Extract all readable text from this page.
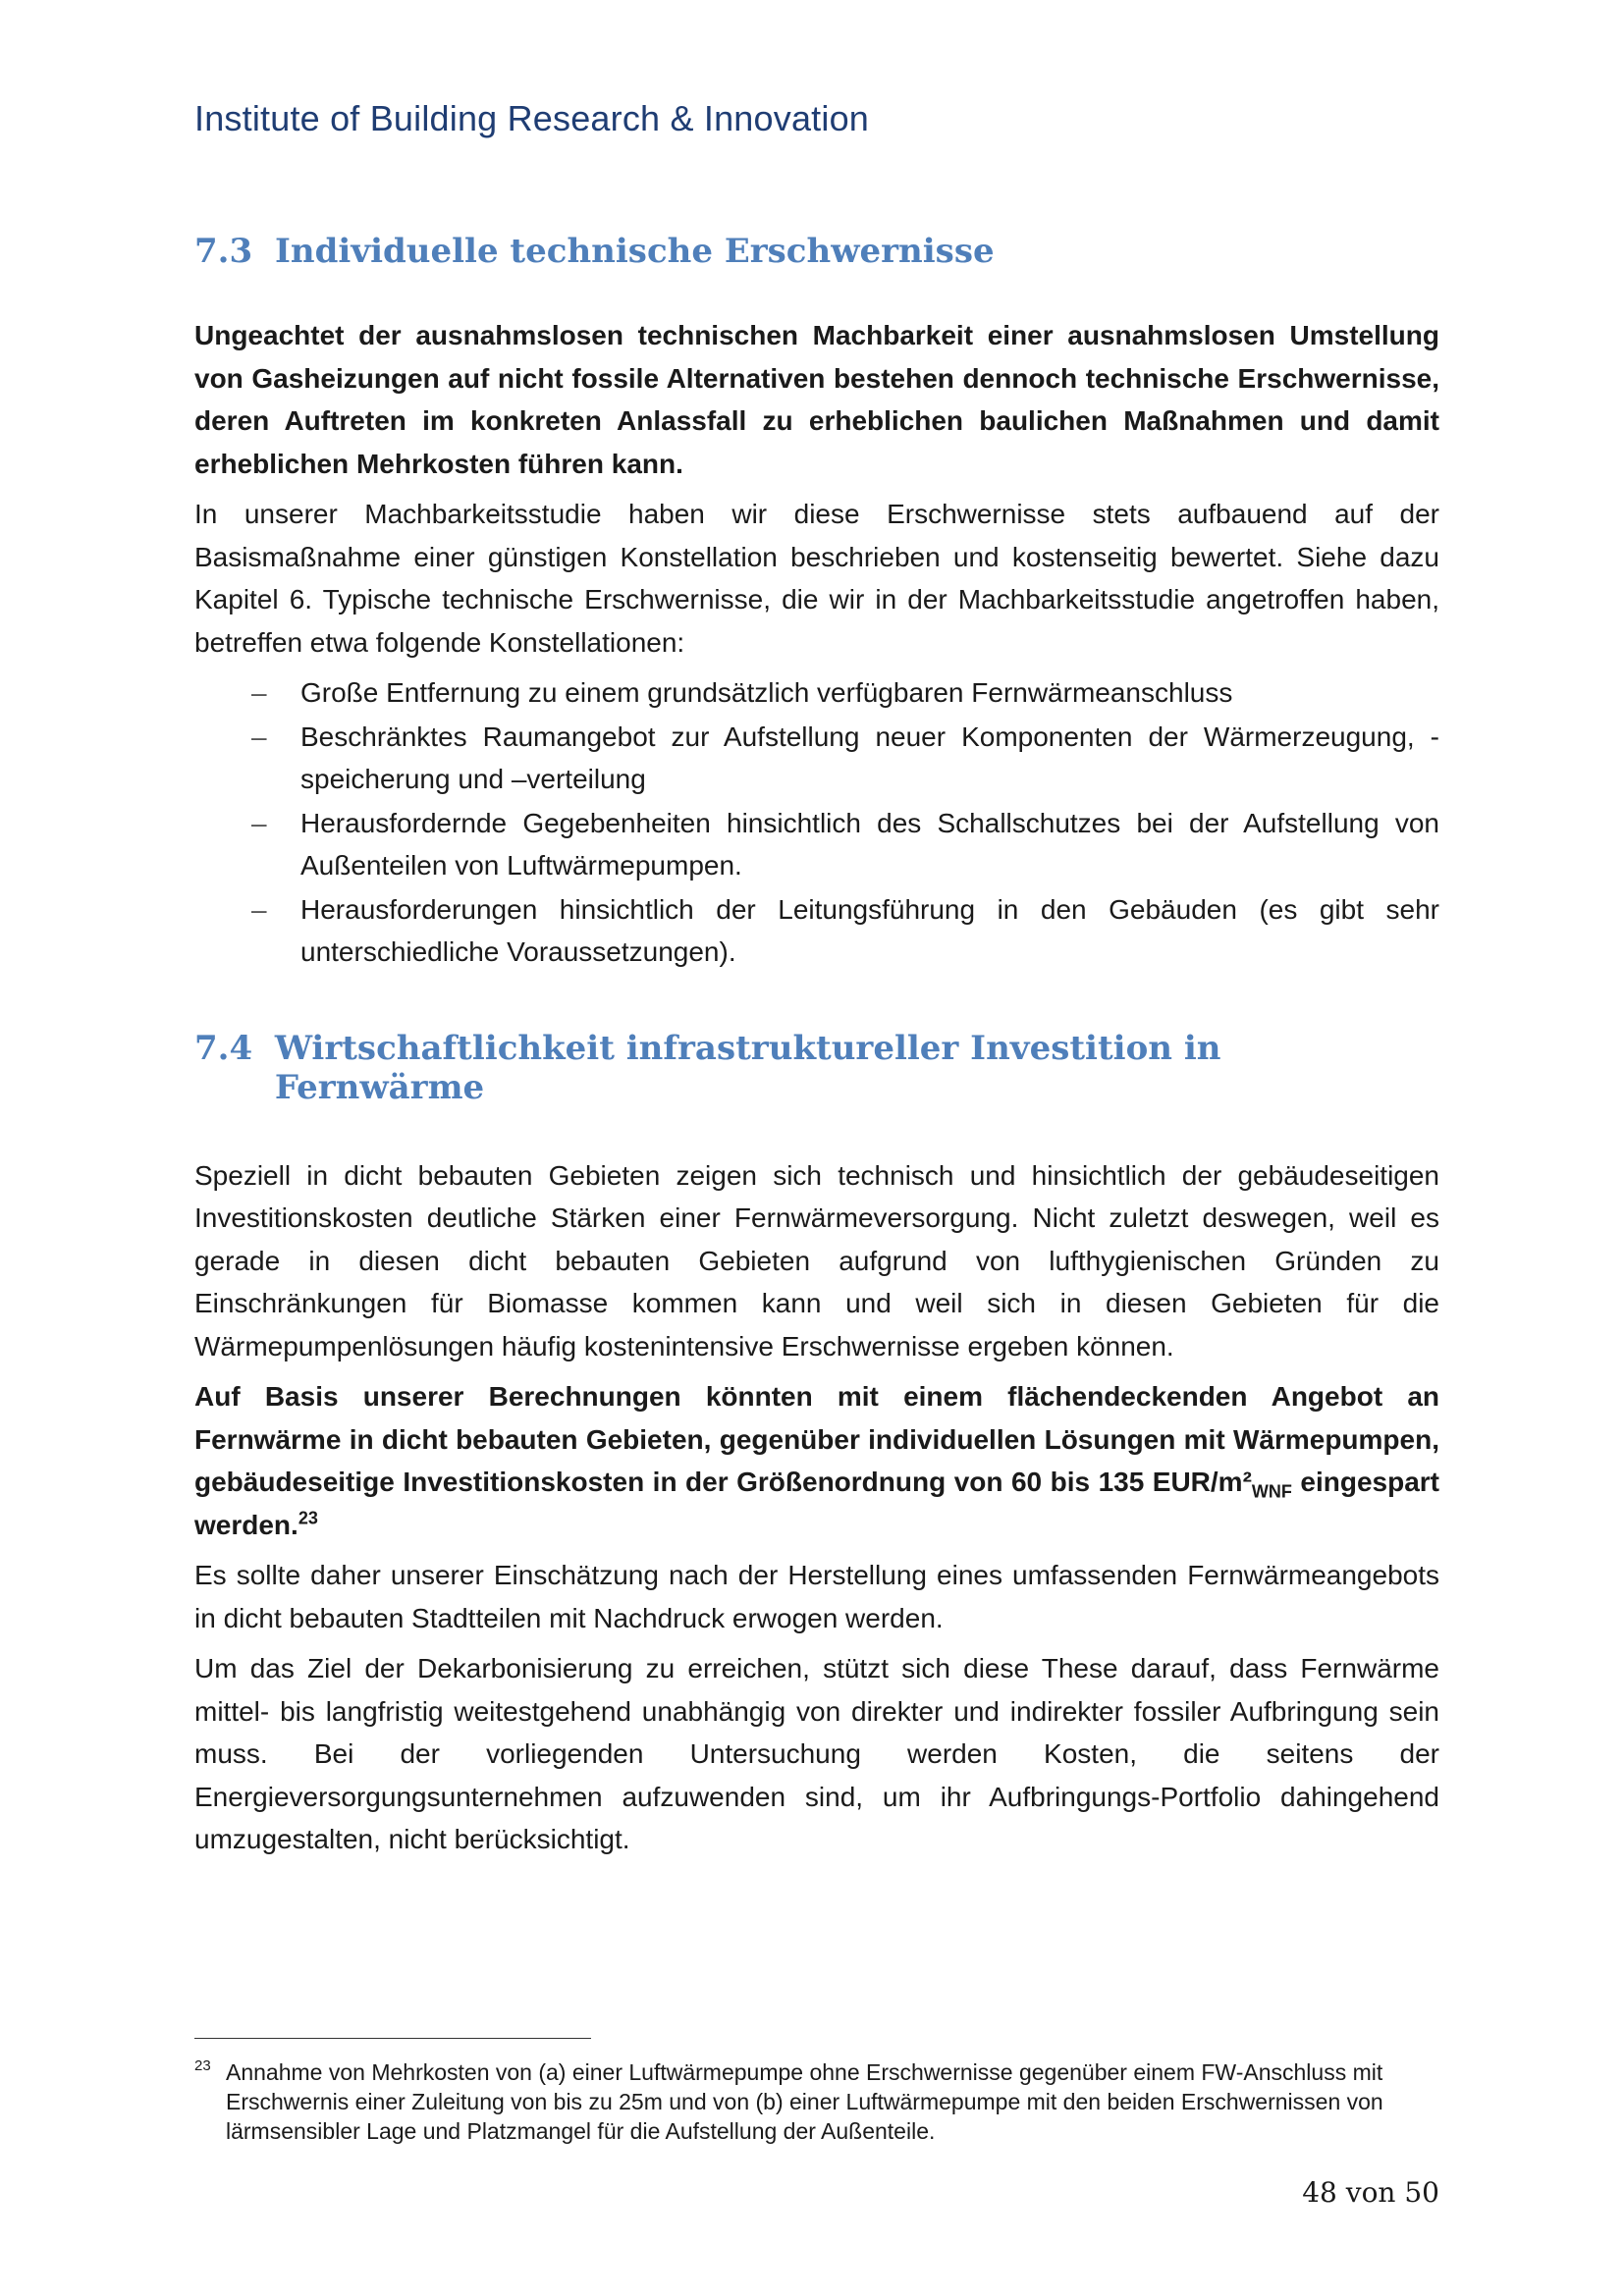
Institute of Building Research & Innovation
7.3 Individuelle technische Erschwernisse

Ungeachtet der ausnahmslosen technischen Machbarkeit einer ausnahmslosen Umstellung von Gasheizungen auf nicht fossile Alternativen bestehen dennoch technische Erschwernisse, deren Auftreten im konkreten Anlassfall zu erheblichen baulichen Maßnahmen und damit erheblichen Mehrkosten führen kann.

In unserer Machbarkeitsstudie haben wir diese Erschwernisse stets aufbauend auf der Basismaßnahme einer günstigen Konstellation beschrieben und kostenseitig bewertet. Siehe dazu Kapitel 6. Typische technische Erschwernisse, die wir in der Machbarkeitsstudie angetroffen haben, betreffen etwa folgende Konstellationen:

– Große Entfernung zu einem grundsätzlich verfügbaren Fernwärmeanschluss
– Beschränktes Raumangebot zur Aufstellung neuer Komponenten der Wärmerzeugung, -speicherung und –verteilung
– Herausfordernde Gegebenheiten hinsichtlich des Schallschutzes bei der Aufstellung von Außenteilen von Luftwärmepumpen.
– Herausforderungen hinsichtlich der Leitungsführung in den Gebäuden (es gibt sehr unterschiedliche Voraussetzungen).
7.4 Wirtschaftlichkeit infrastruktureller Investition in Fernwärme

Speziell in dicht bebauten Gebieten zeigen sich technisch und hinsichtlich der gebäudeseitigen Investitionskosten deutliche Stärken einer Fernwärmeversorgung. Nicht zuletzt deswegen, weil es gerade in diesen dicht bebauten Gebieten aufgrund von lufthygienischen Gründen zu Einschränkungen für Biomasse kommen kann und weil sich in diesen Gebieten für die Wärmepumpenlösungen häufig kostenintensive Erschwernisse ergeben können.

Auf Basis unserer Berechnungen könnten mit einem flächendeckenden Angebot an Fernwärme in dicht bebauten Gebieten, gegenüber individuellen Lösungen mit Wärmepumpen, gebäudeseitige Investitionskosten in der Größenordnung von 60 bis 135 EUR/$m^2_{WNF}$ eingespart werden.$^{23}$

Es sollte daher unserer Einschätzung nach der Herstellung eines umfassenden Fernwärmeangebots in dicht bebauten Stadtteilen mit Nachdruck erwogen werden.

Um das Ziel der Dekarbonisierung zu erreichen, stützt sich diese These darauf, dass Fernwärme mittel- bis langfristig weitestgehend unabhängig von direkter und indirekter fossiler Aufbringung sein muss. Bei der vorliegenden Untersuchung werden Kosten, die seitens der Energieversorgungsunternehmen aufzuwenden sind, um ihr Aufbringungs-Portfolio dahingehend umzugestalten, nicht berücksichtigt.

23 Annahme von Mehrkosten von (a) einer Luftwärmepumpe ohne Erschwernisse gegenüber einem FW-Anschluss mit Erschwernis einer Zuleitung von bis zu 25m und von (b) einer Luftwärmepumpe mit den beiden Erschwernissen von lärmsensibler Lage und Platzmangel für die Aufstellung der Außenteile.
48 von 50
